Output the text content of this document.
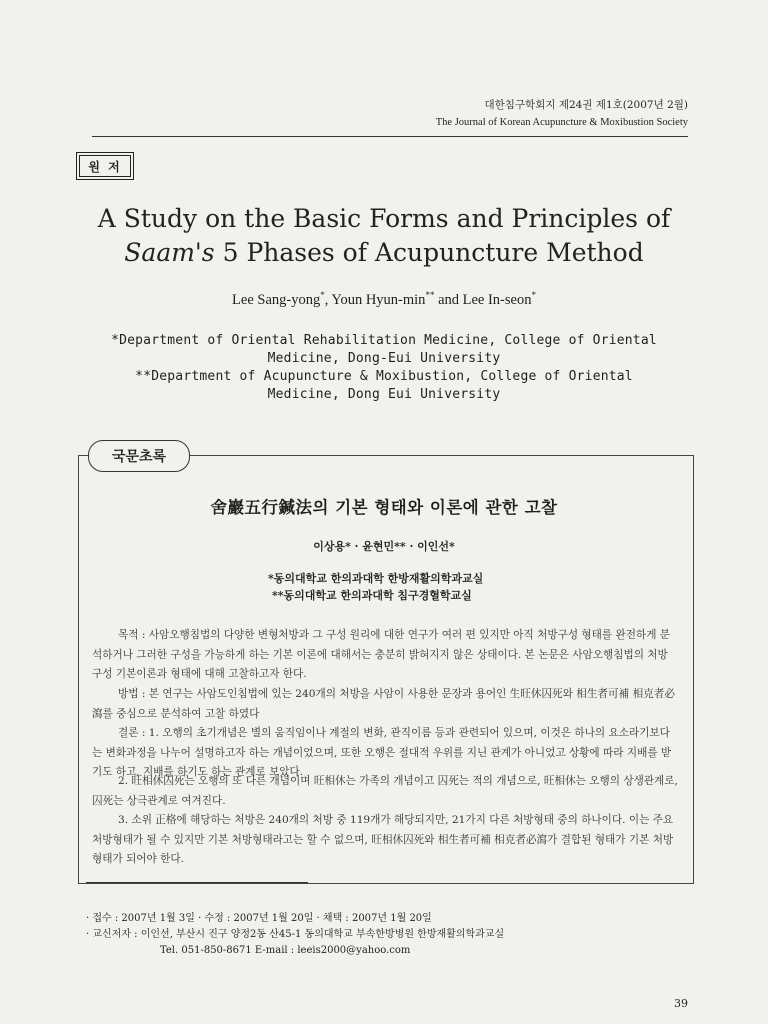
대한침구학회지 제24권 제1호(2007년 2월)
The Journal of Korean Acupuncture & Moxibustion Society
원 저
A Study on the Basic Forms and Principles of
Saam's 5 Phases of Acupuncture Method
Lee Sang-yong*, Youn Hyun-min** and Lee In-seon*
*Department of Oriental Rehabilitation Medicine, College of Oriental
Medicine, Dong-Eui University
**Department of Acupuncture & Moxibustion, College of Oriental
Medicine, Dong Eui University
국문초록
舍巖五行鍼法의 기본 형태와 이론에 관한 고찰
이상용* · 윤현민** · 이인선*
*동의대학교 한의과대학 한방재활의학과교실
**동의대학교 한의과대학 침구경혈학교실
목적 : 사암오행침법의 다양한 변형처방과 그 구성 원리에 대한 연구가 여러 편 있지만 아직 처방구성 형태를 완전하게 분석하거나 그러한 구성을 가능하게 하는 기본 이론에 대해서는 충분히 밝혀지지 않은 상태이다. 본 논문은 사암오행침법의 처방구성 기본이론과 형태에 대해 고찰하고자 한다.
방법 : 본 연구는 사암도인침법에 있는 240개의 처방을 사암이 사용한 문장과 용어인 生旺休囚死와 相生者可補 相克者必瀉를 중심으로 분석하여 고찰 하였다
결론 : 1. 오행의 초기개념은 별의 움직임이나 계절의 변화, 관직이름 등과 관련되어 있으며, 이것은 하나의 요소라기보다는 변화과정을 나누어 설명하고자 하는 개념이었으며, 또한 오행은 절대적 우위를 지닌 관계가 아니었고 상황에 따라 지배를 받기도 하고, 지배를 하기도 하는 관계로 보았다.
2. 旺相休囚死는 오행의 또 다른 개념이며 旺相休는 가족의 개념이고 囚死는 적의 개념으로, 旺相休는 오행의 상생관계로, 囚死는 상극관계로 여겨진다.
3. 소위 正格에 해당하는 처방은 240개의 처방 중 119개가 해당되지만, 21가지 다른 처방형태 중의 하나이다. 이는 주요 처방형태가 될 수 있지만 기본 처방형태라고는 할 수 없으며, 旺相休囚死와 相生者可補 相克者必瀉가 결합된 형태가 기본 처방형태가 되어야 한다.
· 접수 : 2007년 1월 3일 · 수정 : 2007년 1월 20일 · 채택 : 2007년 1월 20일
· 교신저자 : 이인선, 부산시 진구 양정2동 산45-1 동의대학교 부속한방병원 한방재활의학과교실
Tel. 051-850-8671 E-mail : leeis2000@yahoo.com
39
